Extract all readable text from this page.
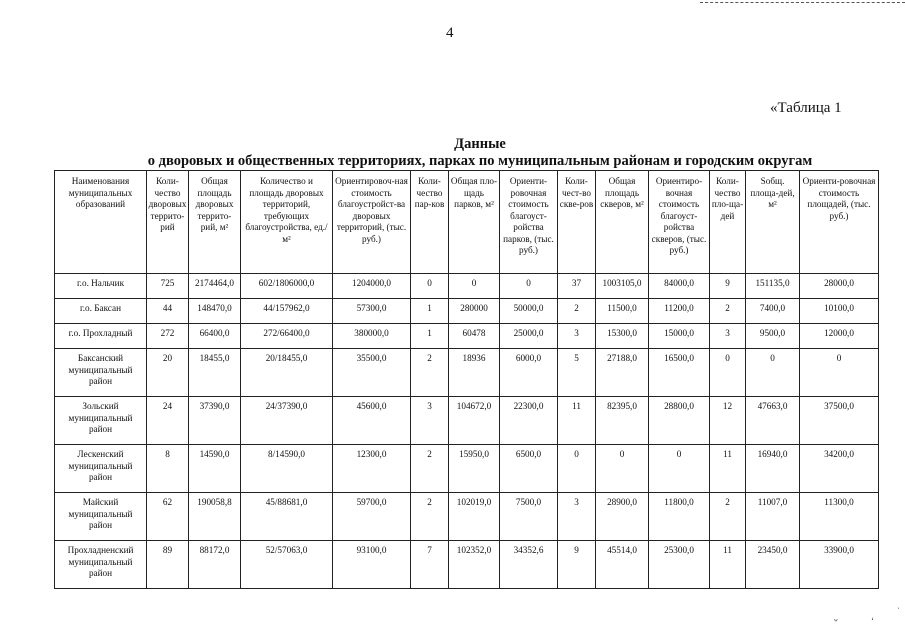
4
«Таблица 1
Данные
о дворовых и общественных территориях, парках по муниципальным районам и городским округам
Наименования муниципальных образований	Коли-чество дворовых террито-рий	Общая площадь дворовых террито-рий, м²	Количество и площадь дворовых территорий, требующих благоустройства, ед./м²	Ориентировоч-ная стоимость благоустройст-ва дворовых территорий, (тыс. руб.)	Коли-чество пар-ков	Общая пло-щадь парков, м²	Ориенти-ровочная стоимость благоуст-ройства парков, (тыс. руб.)	Коли-чест-во скве-ров	Общая площадь скверов, м²	Ориентиро-вочная стоимость благоуст-ройства скверов, (тыс. руб.)	Коли-чество пло-ща-дей	Sобщ. площа-дей, м²	Ориенти-ровочная стоимость площадей, (тыс. руб.)
г.о. Нальчик	725	2174464,0	602/1806000,0	1204000,0	0	0	0	37	1003105,0	84000,0	9	151135,0	28000,0
г.о. Баксан	44	148470,0	44/157962,0	57300,0	1	280000	50000,0	2	11500,0	11200,0	2	7400,0	10100,0
г.о. Прохладный	272	66400,0	272/66400,0	380000,0	1	60478	25000,0	3	15300,0	15000,0	3	9500,0	12000,0
Баксанский муниципальный район	20	18455,0	20/18455,0	35500,0	2	18936	6000,0	5	27188,0	16500,0	0	0	0
Зольский муниципальный район	24	37390,0	24/37390,0	45600,0	3	104672,0	22300,0	11	82395,0	28800,0	12	47663,0	37500,0
Лескенский муниципальный район	8	14590,0	8/14590,0	12300,0	2	15950,0	6500,0	0	0	0	11	16940,0	34200,0
Майский муниципальный район	62	190058,8	45/88681,0	59700,0	2	102019,0	7500,0	3	28900,0	11800,0	2	11007,0	11300,0
Прохладненский муниципальный район	89	88172,0	52/57063,0	93100,0	7	102352,0	34352,6	9	45514,0	25300,0	11	23450,0	33900,0
ʷ	ʻ
ˈ
